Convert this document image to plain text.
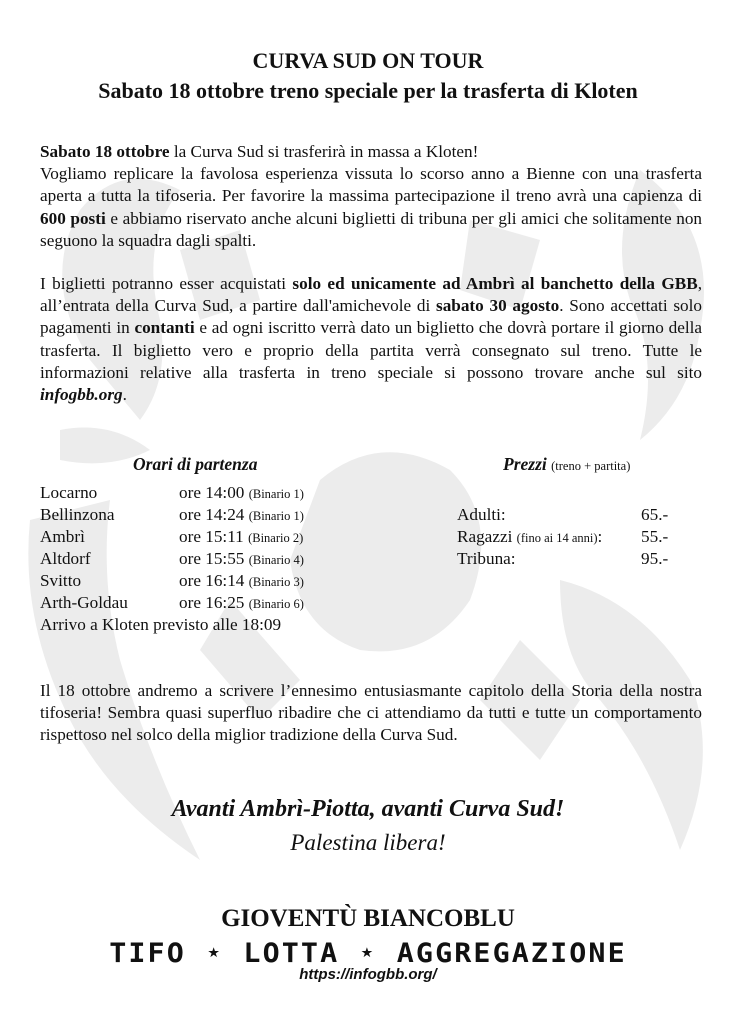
CURVA SUD ON TOUR
Sabato 18 ottobre treno speciale per la trasferta di Kloten

Sabato 18 ottobre la Curva Sud si trasferirà in massa a Kloten!
Vogliamo replicare la favolosa esperienza vissuta lo scorso anno a Bienne con una trasferta aperta a tutta la tifoseria. Per favorire la massima partecipazione il treno avrà una capienza di 600 posti e abbiamo riservato anche alcuni biglietti di tribuna per gli amici che solitamente non seguono la squadra dagli spalti.

I biglietti potranno esser acquistati solo ed unicamente ad Ambrì al banchetto della GBB, all’entrata della Curva Sud, a partire dall'amichevole di sabato 30 agosto. Sono accettati solo pagamenti in contanti e ad ogni iscritto verrà dato un biglietto che dovrà portare il giorno della trasferta. Il biglietto vero e proprio della partita verrà consegnato sul treno. Tutte le informazioni relative alla trasferta in treno speciale si possono trovare anche sul sito infogbb.org.

Orari di partenza

Locarno	ore 14:00 (Binario 1)
Bellinzona	ore 14:24 (Binario 1)
Ambrì	ore 15:11 (Binario 2)
Altdorf	ore 15:55 (Binario 4)
Svitto	ore 16:14 (Binario 3)
Arth-Goldau	ore 16:25 (Binario 6)
Arrivo a Kloten previsto alle 18:09

Prezzi (treno + partita)

Adulti:	65.-
Ragazzi (fino ai 14 anni): 55.-
Tribuna:	95.-

Il 18 ottobre andremo a scrivere l’ennesimo entusiasmante capitolo della Storia della nostra tifoseria! Sembra quasi superfluo ribadire che ci attendiamo da tutti e tutte un comportamento rispettoso nel solco della miglior tradizione della Curva Sud.

Avanti Ambrì-Piotta, avanti Curva Sud!

Palestina libera!

GIOVENTÙ BIANCOBLU

TIFO ⋆ LOTTA ⋆ AGGREGAZIONE

https://infogbb.org/
